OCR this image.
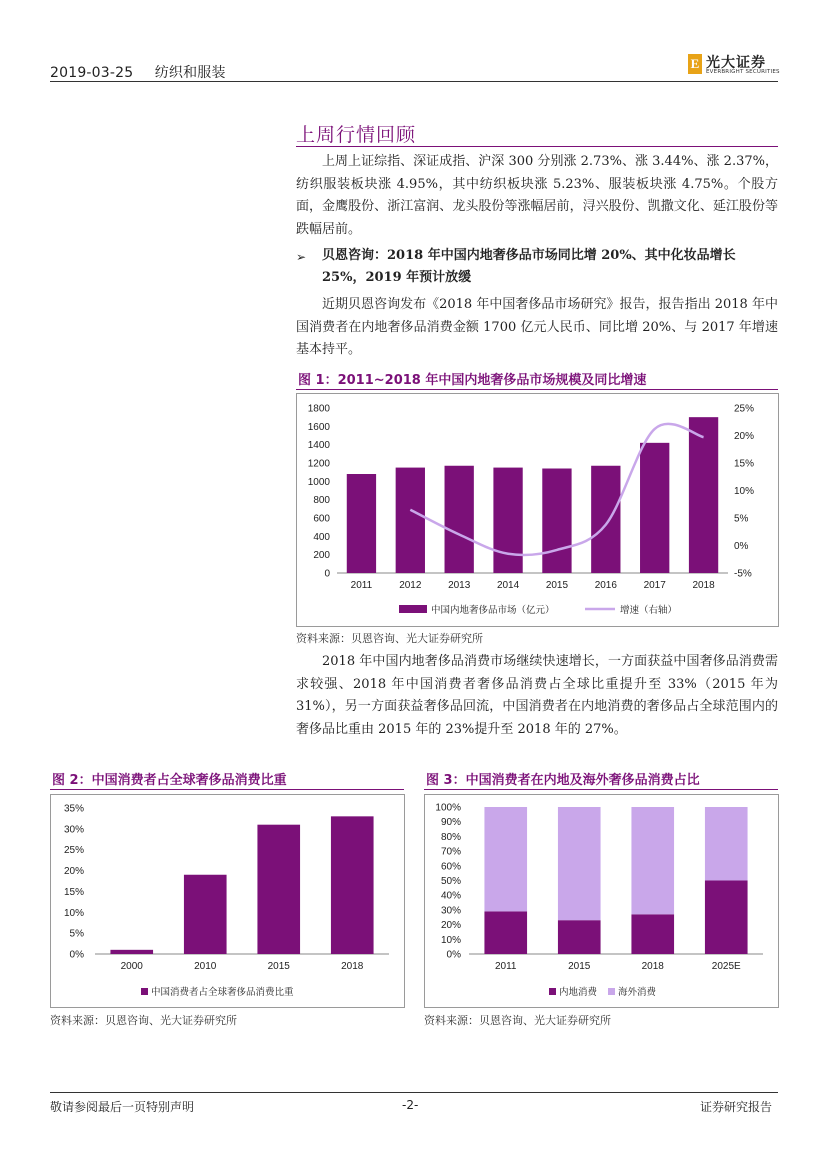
2019-03-25 纺织和服装
E 光大证券
EVERBRIGHT SECURITIES
上周行情回顾
上周上证综指、深证成指、沪深 300 分别涨 2.73%、涨 3.44%、涨 2.37%，纺织服装板块涨 4.95%，其中纺织板块涨 5.23%、服装板块涨 4.75%。个股方面，金鹰股份、浙江富润、龙头股份等涨幅居前，浔兴股份、凯撒文化、延江股份等跌幅居前。
➢ 贝恩咨询：2018 年中国内地奢侈品市场同比增 20%、其中化妆品增长 25%，2019 年预计放缓
近期贝恩咨询发布《2018 年中国奢侈品市场研究》报告，报告指出 2018 年中国消费者在内地奢侈品消费金额 1700 亿元人民币、同比增 20%、与 2017 年增速基本持平。
图 1：2011~2018 年中国内地奢侈品市场规模及同比增速
0
200
400
600
800
1000
1200
1400
1600
1800
-5%
0%
5%
10%
15%
20%
25%
2011	2012	2013	2014	2015	2016	2017	2018
中国内地奢侈品市场（亿元）	增速（右轴）
资料来源：贝恩咨询、光大证券研究所
2018 年中国内地奢侈品消费市场继续快速增长，一方面获益中国奢侈品消费需求较强、2018 年中国消费者奢侈品消费占全球比重提升至 33%（2015 年为 31%），另一方面获益奢侈品回流，中国消费者在内地消费的奢侈品占全球范围内的奢侈品比重由 2015 年的 23%提升至 2018 年的 27%。
图 2：中国消费者占全球奢侈品消费比重
0%
5%
10%
15%
20%
25%
30%
35%
2000	2010	2015	2018
中国消费者占全球奢侈品消费比重
资料来源：贝恩咨询、光大证券研究所
图 3：中国消费者在内地及海外奢侈品消费占比
0%
10%
20%
30%
40%
50%
60%
70%
80%
90%
100%
2011	2015	2018	2025E
内地消费 海外消费
资料来源：贝恩咨询、光大证券研究所
敬请参阅最后一页特别声明	-2-	证券研究报告
